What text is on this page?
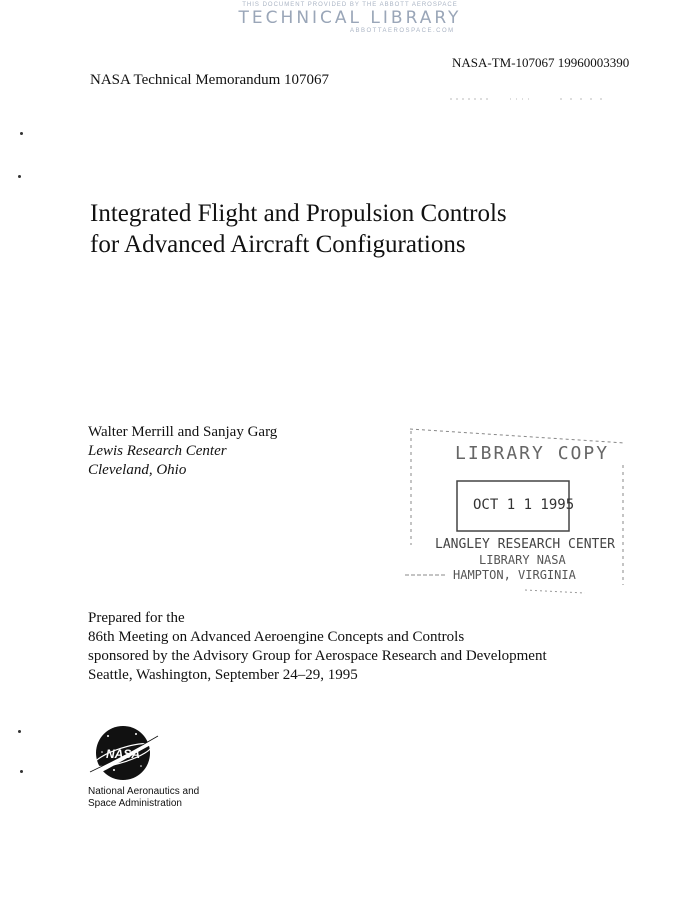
THIS DOCUMENT PROVIDED BY THE ABBOTT AEROSPACE
TECHNICAL LIBRARY
ABBOTTAEROSPACE.COM
NASA-TM-107067 19960003390
NASA Technical Memorandum 107067
Integrated Flight and Propulsion Controls
for Advanced Aircraft Configurations
Walter Merrill and Sanjay Garg
Lewis Research Center
Cleveland, Ohio
LIBRARY COPY
OCT 1 1 1995
LANGLEY RESEARCH CENTER
LIBRARY NASA
HAMPTON, VIRGINIA
Prepared for the
86th Meeting on Advanced Aeroengine Concepts and Controls
sponsored by the Advisory Group for Aerospace Research and Development
Seattle, Washington, September 24–29, 1995
NASA
National Aeronautics and
Space Administration
